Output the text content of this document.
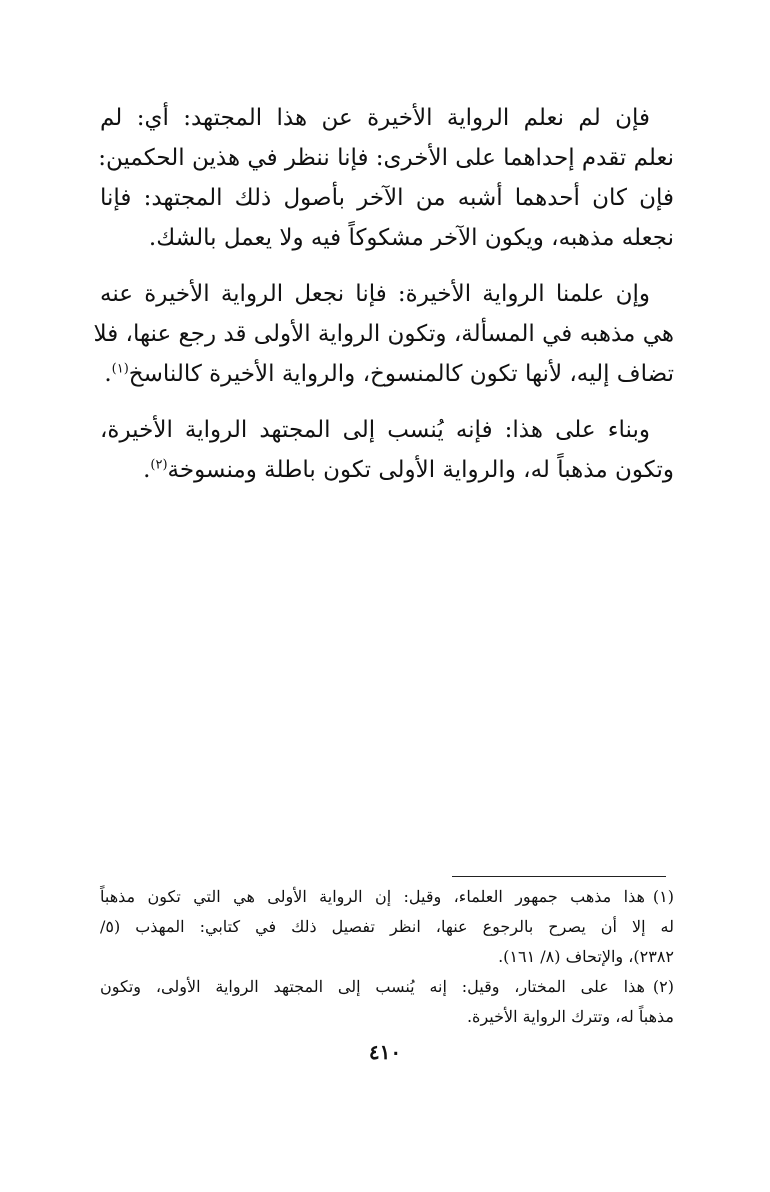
فإن لم نعلم الرواية الأخيرة عن هذا المجتهد: أي: لم
نعلم تقدم إحداهما على الأخرى: فإنا ننظر في هذين الحكمين:
فإن كان أحدهما أشبه من الآخر بأصول ذلك المجتهد: فإنا
نجعله مذهبه، ويكون الآخر مشكوكاً فيه ولا يعمل بالشك.

وإن علمنا الرواية الأخيرة: فإنا نجعل الرواية الأخيرة عنه
هي مذهبه في المسألة، وتكون الرواية الأولى قد رجع عنها، فلا
تضاف إليه، لأنها تكون كالمنسوخ، والرواية الأخيرة كالناسخ$^{(١)}$.

وبناء على هذا: فإنه يُنسب إلى المجتهد الرواية الأخيرة،
وتكون مذهباً له، والرواية الأولى تكون باطلة ومنسوخة$^{(٢)}$.

(١)هذا مذهب جمهور العلماء، وقيل: إن الرواية الأولى هي التي تكون مذهباً
له إلا أن يصرح بالرجوع عنها، انظر تفصيل ذلك في كتابي: المهذب (٥/
٢٣٨٢)، والإتحاف (٨/ ١٦١).

(٢)هذا على المختار، وقيل: إنه يُنسب إلى المجتهد الرواية الأولى، وتكون
مذهباً له، وتترك الرواية الأخيرة.

٤١٠
